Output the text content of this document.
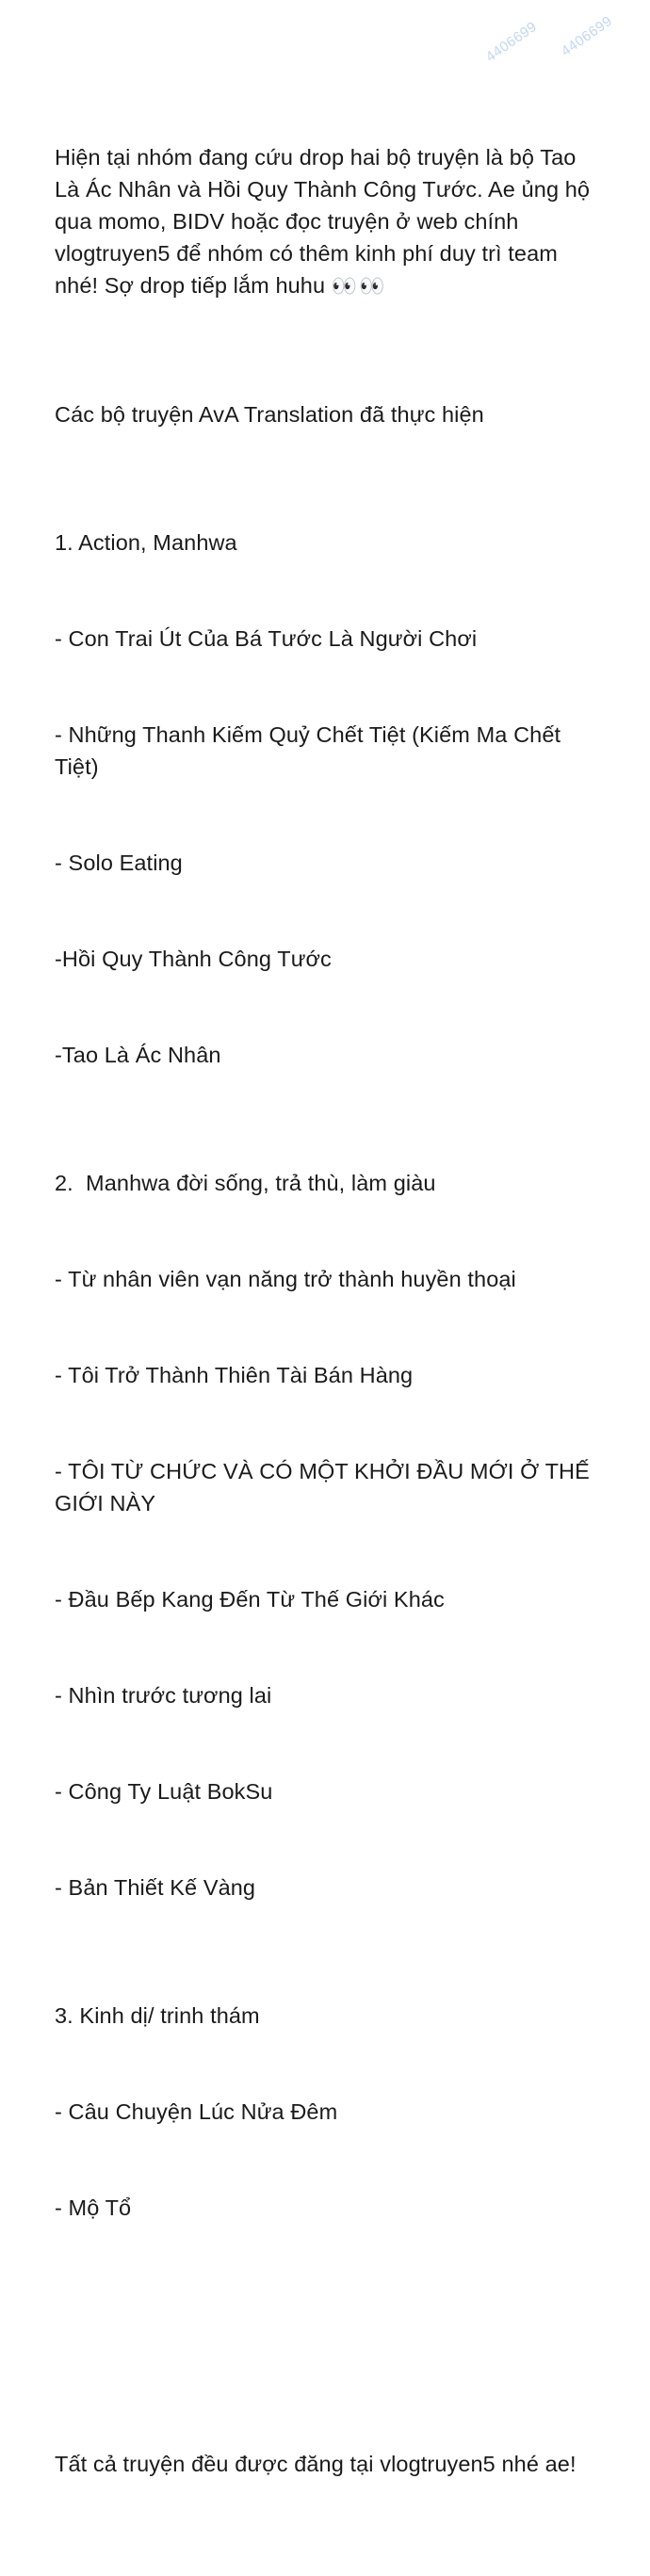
4406699 4406699

Hiện tại nhóm đang cứu drop hai bộ truyện là bộ Tao Là Ác Nhân và Hồi Quy Thành Công Tước. Ae ủng hộ qua momo, BIDV hoặc đọc truyện ở web chính vlogtruyen5 để nhóm có thêm kinh phí duy trì team nhé! Sợ drop tiếp lắm huhu 👀👀

Các bộ truyện AvA Translation đã thực hiện

1. Action, Manhwa

- Con Trai Út Của Bá Tước Là Người Chơi

- Những Thanh Kiếm Quỷ Chết Tiệt (Kiếm Ma Chết Tiệt)

- Solo Eating

-Hồi Quy Thành Công Tước

-Tao Là Ác Nhân

2.  Manhwa đời sống, trả thù, làm giàu

- Từ nhân viên vạn năng trở thành huyền thoại

- Tôi Trở Thành Thiên Tài Bán Hàng

- TÔI TỪ CHỨC VÀ CÓ MỘT KHỞI ĐẦU MỚI Ở THẾ GIỚI NÀY

- Đầu Bếp Kang Đến Từ Thế Giới Khác

- Nhìn trước tương lai

- Công Ty Luật BokSu

- Bản Thiết Kế Vàng

3. Kinh dị/ trinh thám

- Câu Chuyện Lúc Nửa Đêm

- Mộ Tổ

Tất cả truyện đều được đăng tại vlogtruyen5 nhé ae!
